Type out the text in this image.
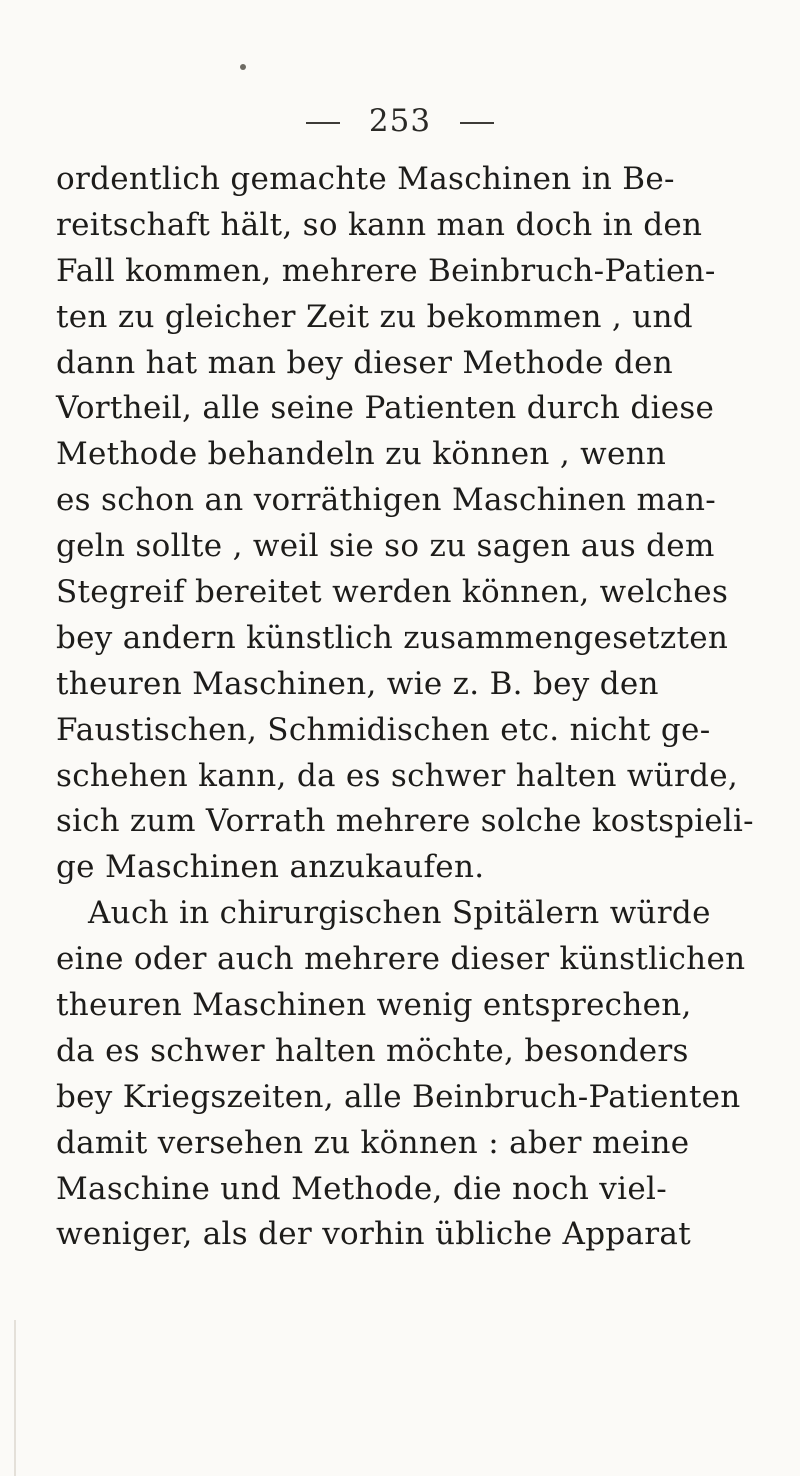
253
ordentlich gemachte Maschinen in Be-
reitschaft hält, so kann man doch in den
Fall kommen, mehrere Beinbruch-Patien-
ten zu gleicher Zeit zu bekommen , und
dann hat man bey dieser Methode den
Vortheil, alle seine Patienten durch diese
Methode behandeln zu können , wenn
es schon an vorräthigen Maschinen man-
geln sollte , weil sie so zu sagen aus dem
Stegreif bereitet werden können, welches
bey andern künstlich zusammengesetzten
theuren Maschinen, wie z. B. bey den
Faustischen, Schmidischen etc. nicht ge-
schehen kann, da es schwer halten würde,
sich zum Vorrath mehrere solche kostspieli-
ge Maschinen anzukaufen.
Auch in chirurgischen Spitälern würde
eine oder auch mehrere dieser künstlichen
theuren Maschinen wenig entsprechen,
da es schwer halten möchte, besonders
bey Kriegszeiten, alle Beinbruch-Patienten
damit versehen zu können : aber meine
Maschine und Methode, die noch viel-
weniger, als der vorhin übliche Apparat
